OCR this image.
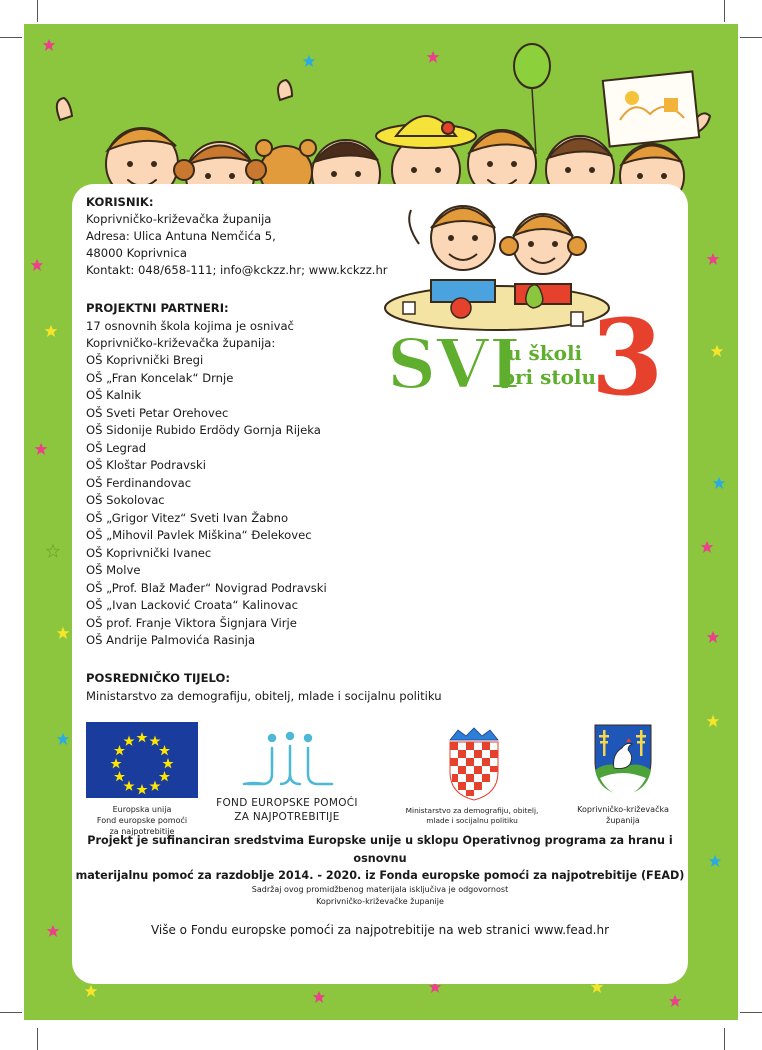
SVI
u školi
pri stolu
3
KORISNIK:
Koprivničko-križevačka županija
Adresa: Ulica Antuna Nemčića 5,
48000 Koprivnica
Kontakt: 048/658-111; info@kckzz.hr; www.kckzz.hr
PROJEKTNI PARTNERI:
17 osnovnih škola kojima je osnivač
Koprivničko-križevačka županija:
OŠ Koprivnički Bregi
OŠ „Fran Koncelak“ Drnje
OŠ Kalnik
OŠ Sveti Petar Orehovec
OŠ Sidonije Rubido Erdödy Gornja Rijeka
OŠ Legrad
OŠ Kloštar Podravski
OŠ Ferdinandovac
OŠ Sokolovac
OŠ „Grigor Vitez“ Sveti Ivan Žabno
OŠ „Mihovil Pavlek Miškina“ Đelekovec
OŠ Koprivnički Ivanec
OŠ Molve
OŠ „Prof. Blaž Mađer“ Novigrad Podravski
OŠ „Ivan Lacković Croata“ Kalinovac
OŠ prof. Franje Viktora Šignjara Virje
OŠ Andrije Palmovića Rasinja
POSREDNIČKO TIJELO:
Ministarstvo za demografiju, obitelj, mlade i socijalnu politiku
Europska unija
Fond europske pomoći
za najpotrebitije
FOND EUROPSKE POMOĆI
ZA NAJPOTREBITIJE
Ministarstvo za demografiju, obitelj,
mlade i socijalnu politiku
Koprivničko-križevačka
županija
Projekt je sufinanciran sredstvima Europske unije u sklopu Operativnog programa za hranu i osnovnu
materijalnu pomoć za razdoblje 2014. - 2020. iz Fonda europske pomoći za najpotrebitije (FEAD)
Sadržaj ovog promidžbenog materijala isključiva je odgovornost
Koprivničko-križevačke županije
Više o Fondu europske pomoći za najpotrebitije na web stranici www.fead.hr
